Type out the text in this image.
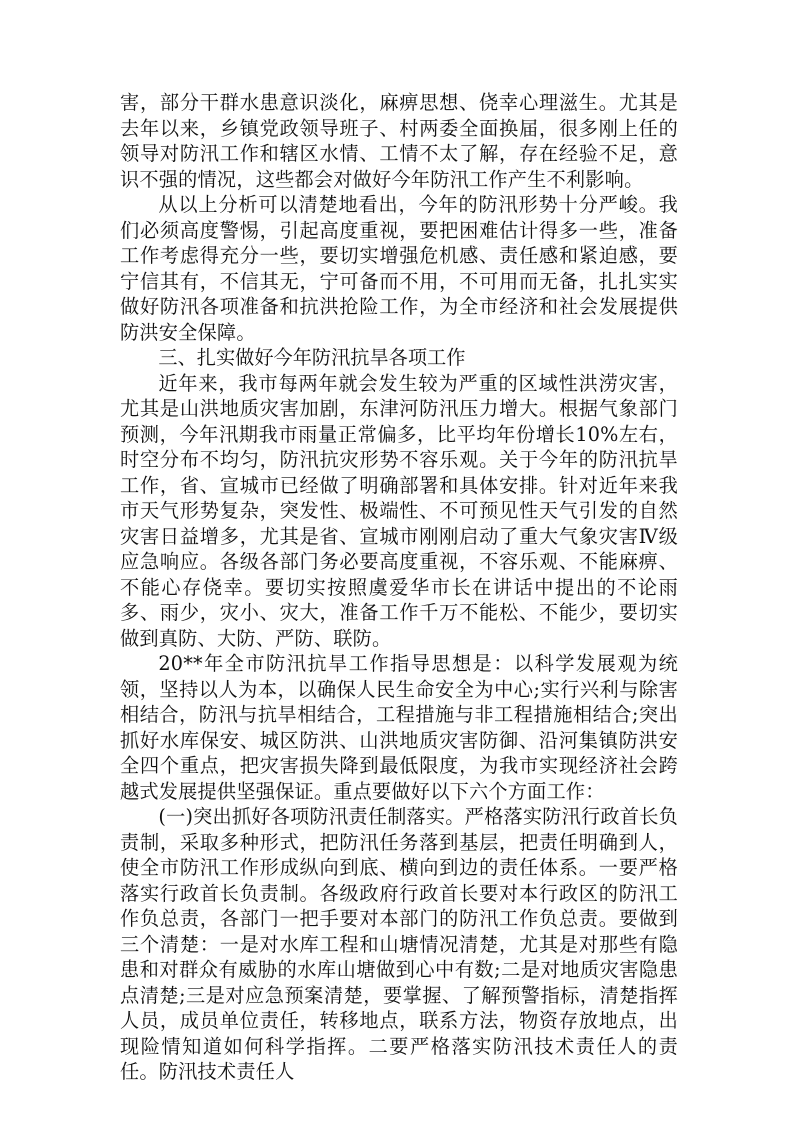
害，部分干群水患意识淡化，麻痹思想、侥幸心理滋生。尤其是去年以来，乡镇党政领导班子、村两委全面换届，很多刚上任的领导对防汛工作和辖区水情、工情不太了解，存在经验不足，意识不强的情况，这些都会对做好今年防汛工作产生不利影响。

从以上分析可以清楚地看出，今年的防汛形势十分严峻。我们必须高度警惕，引起高度重视，要把困难估计得多一些，准备工作考虑得充分一些，要切实增强危机感、责任感和紧迫感，要宁信其有，不信其无，宁可备而不用，不可用而无备，扎扎实实做好防汛各项准备和抗洪抢险工作，为全市经济和社会发展提供防洪安全保障。

三、扎实做好今年防汛抗旱各项工作

近年来，我市每两年就会发生较为严重的区域性洪涝灾害，尤其是山洪地质灾害加剧，东津河防汛压力增大。根据气象部门预测，今年汛期我市雨量正常偏多，比平均年份增长10%左右，时空分布不均匀，防汛抗灾形势不容乐观。关于今年的防汛抗旱工作，省、宣城市已经做了明确部署和具体安排。针对近年来我市天气形势复杂，突发性、极端性、不可预见性天气引发的自然灾害日益增多，尤其是省、宣城市刚刚启动了重大气象灾害Ⅳ级应急响应。各级各部门务必要高度重视，不容乐观、不能麻痹、不能心存侥幸。要切实按照虞爱华市长在讲话中提出的不论雨多、雨少，灾小、灾大，准备工作千万不能松、不能少，要切实做到真防、大防、严防、联防。

20**年全市防汛抗旱工作指导思想是：以科学发展观为统领，坚持以人为本，以确保人民生命安全为中心;实行兴利与除害相结合，防汛与抗旱相结合，工程措施与非工程措施相结合;突出抓好水库保安、城区防洪、山洪地质灾害防御、沿河集镇防洪安全四个重点，把灾害损失降到最低限度，为我市实现经济社会跨越式发展提供坚强保证。重点要做好以下六个方面工作：

(一)突出抓好各项防汛责任制落实。严格落实防汛行政首长负责制，采取多种形式，把防汛任务落到基层，把责任明确到人，使全市防汛工作形成纵向到底、横向到边的责任体系。一要严格落实行政首长负责制。各级政府行政首长要对本行政区的防汛工作负总责，各部门一把手要对本部门的防汛工作负总责。要做到三个清楚：一是对水库工程和山塘情况清楚，尤其是对那些有隐患和对群众有威胁的水库山塘做到心中有数;二是对地质灾害隐患点清楚;三是对应急预案清楚，要掌握、了解预警指标，清楚指挥人员，成员单位责任，转移地点，联系方法，物资存放地点，出现险情知道如何科学指挥。二要严格落实防汛技术责任人的责任。防汛技术责任人
